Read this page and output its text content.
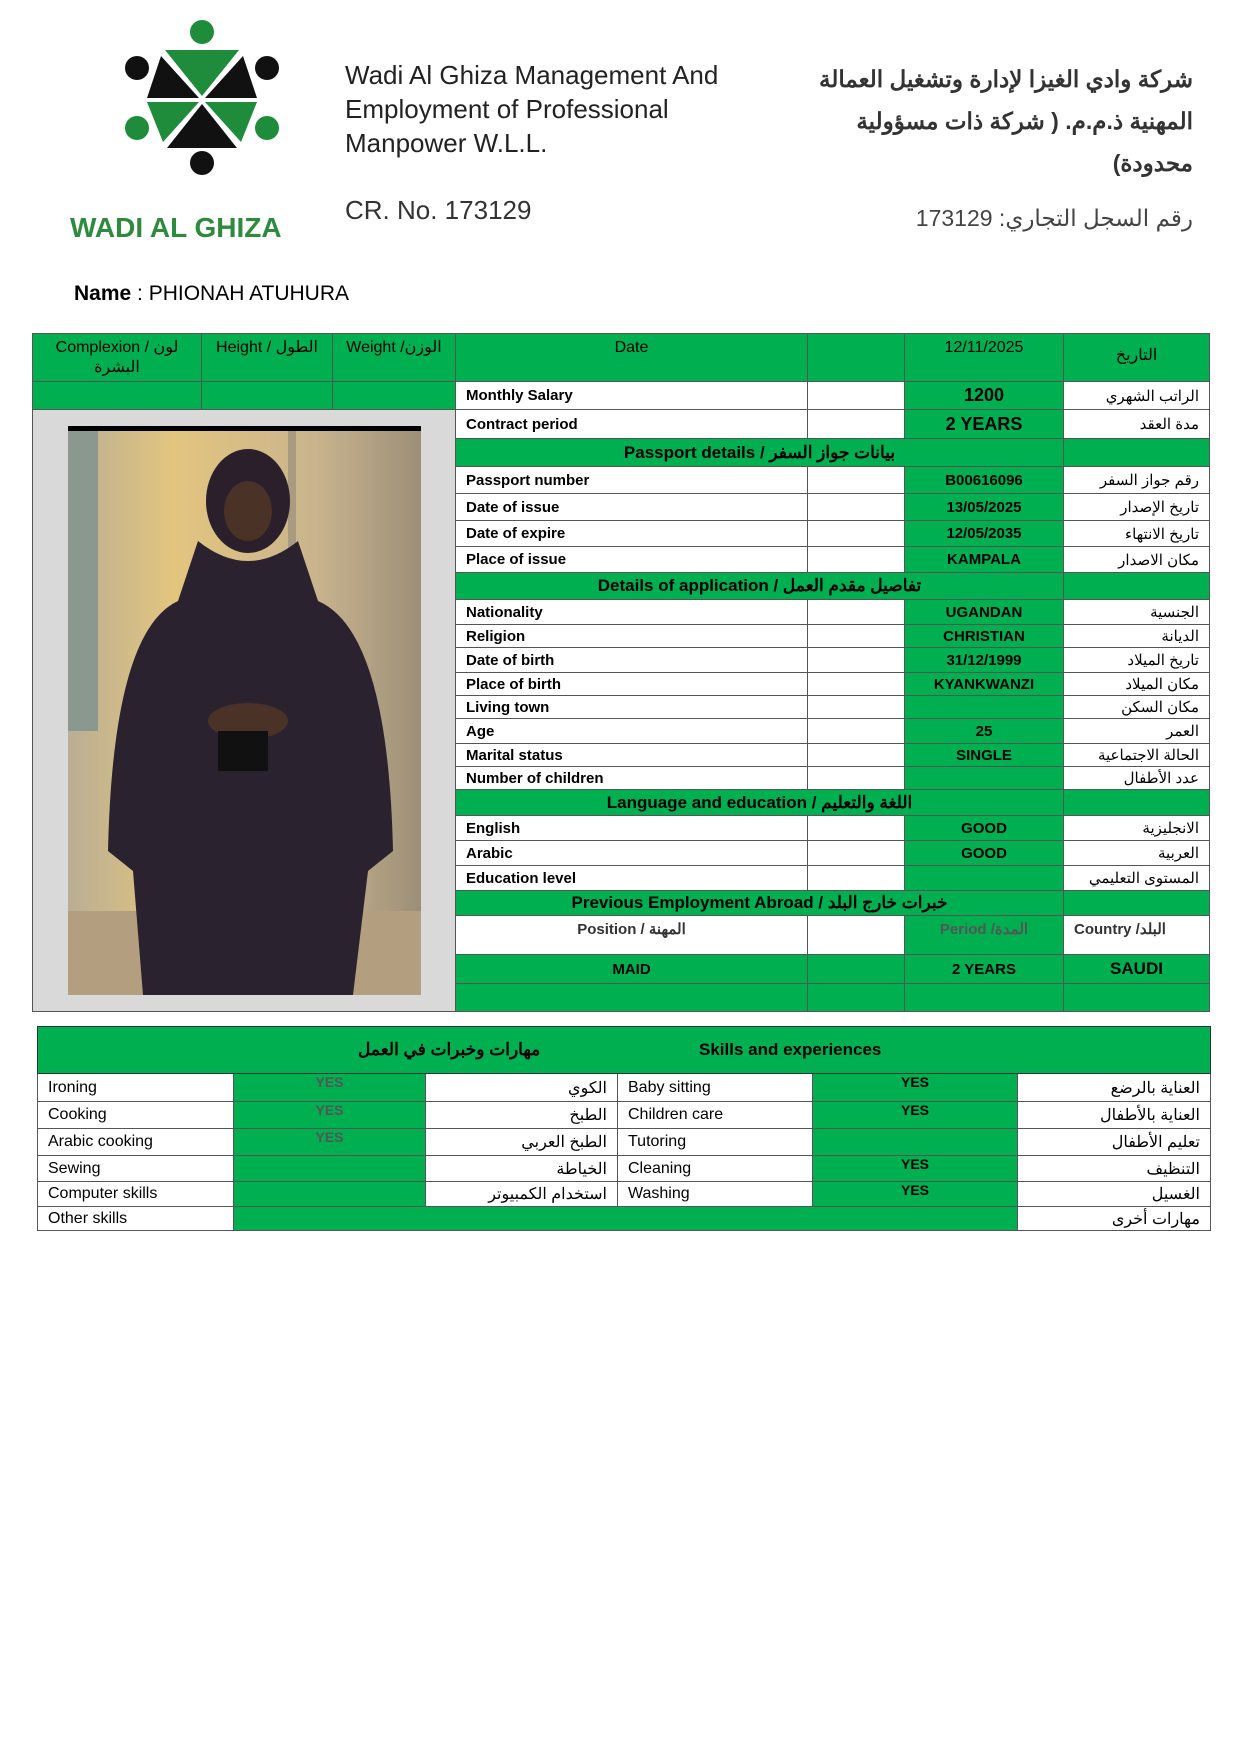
WADI AL GHIZA
Wadi Al Ghiza Management And
Employment of Professional
Manpower W.L.L.
CR. No. 173129
شركة وادي الغيزا لإدارة وتشغيل العمالة
المهنية ذ.م.م. ( شركة ذات مسؤولية
محدودة)
رقم السجل التجاري: 173129
Name : PHIONAH ATUHURA
Complexion / لون البشرة	Height / الطول	Weight /الوزن	Date		12/11/2025	التاريخ
			Monthly Salary		1200	الراتب الشهري

	Contract period		2 YEARS	مدة العقد
			Passport details / بيانات جواز السفر			
			Passport number		B00616096	رقم جواز السفر
			Date of issue		13/05/2025	تاريخ الإصدار
			Date of expire		12/05/2035	تاريخ الانتهاء
			Place of issue		KAMPALA	مكان الاصدار
			Details of application / تفاصيل مقدم العمل			
			Nationality		UGANDAN	الجنسية
			Religion		CHRISTIAN	الديانة
			Date of birth		31/12/1999	تاريخ الميلاد
			Place of birth		KYANKWANZI	مكان الميلاد
			Living town			مكان السكن
			Age		25	العمر
			Marital status		SINGLE	الحالة الاجتماعية
			Number of children			عدد الأطفال
			Language and education / اللغة والتعليم			
			English		GOOD	الانجليزية
			Arabic		GOOD	العربية
			Education level			المستوى التعليمي
			Previous Employment Abroad / خبرات خارج البلد			
			Position / المهنة		Period /المدة	Country /البلد
			MAID		2 YEARS	SAUDI

مهارات وخبرات في العمل Skills and experiences					

Ironing	YES	الكوي	Baby sitting	YES	العناية بالرضع
Cooking	YES	الطبخ	Children care	YES	العناية بالأطفال
Arabic cooking	YES	الطبخ العربي	Tutoring		تعليم الأطفال
Sewing		الخياطة	Cleaning	YES	التنظيف
Computer skills		استخدام الكمبيوتر	Washing	YES	الغسيل
Other skills					مهارات أخرى
